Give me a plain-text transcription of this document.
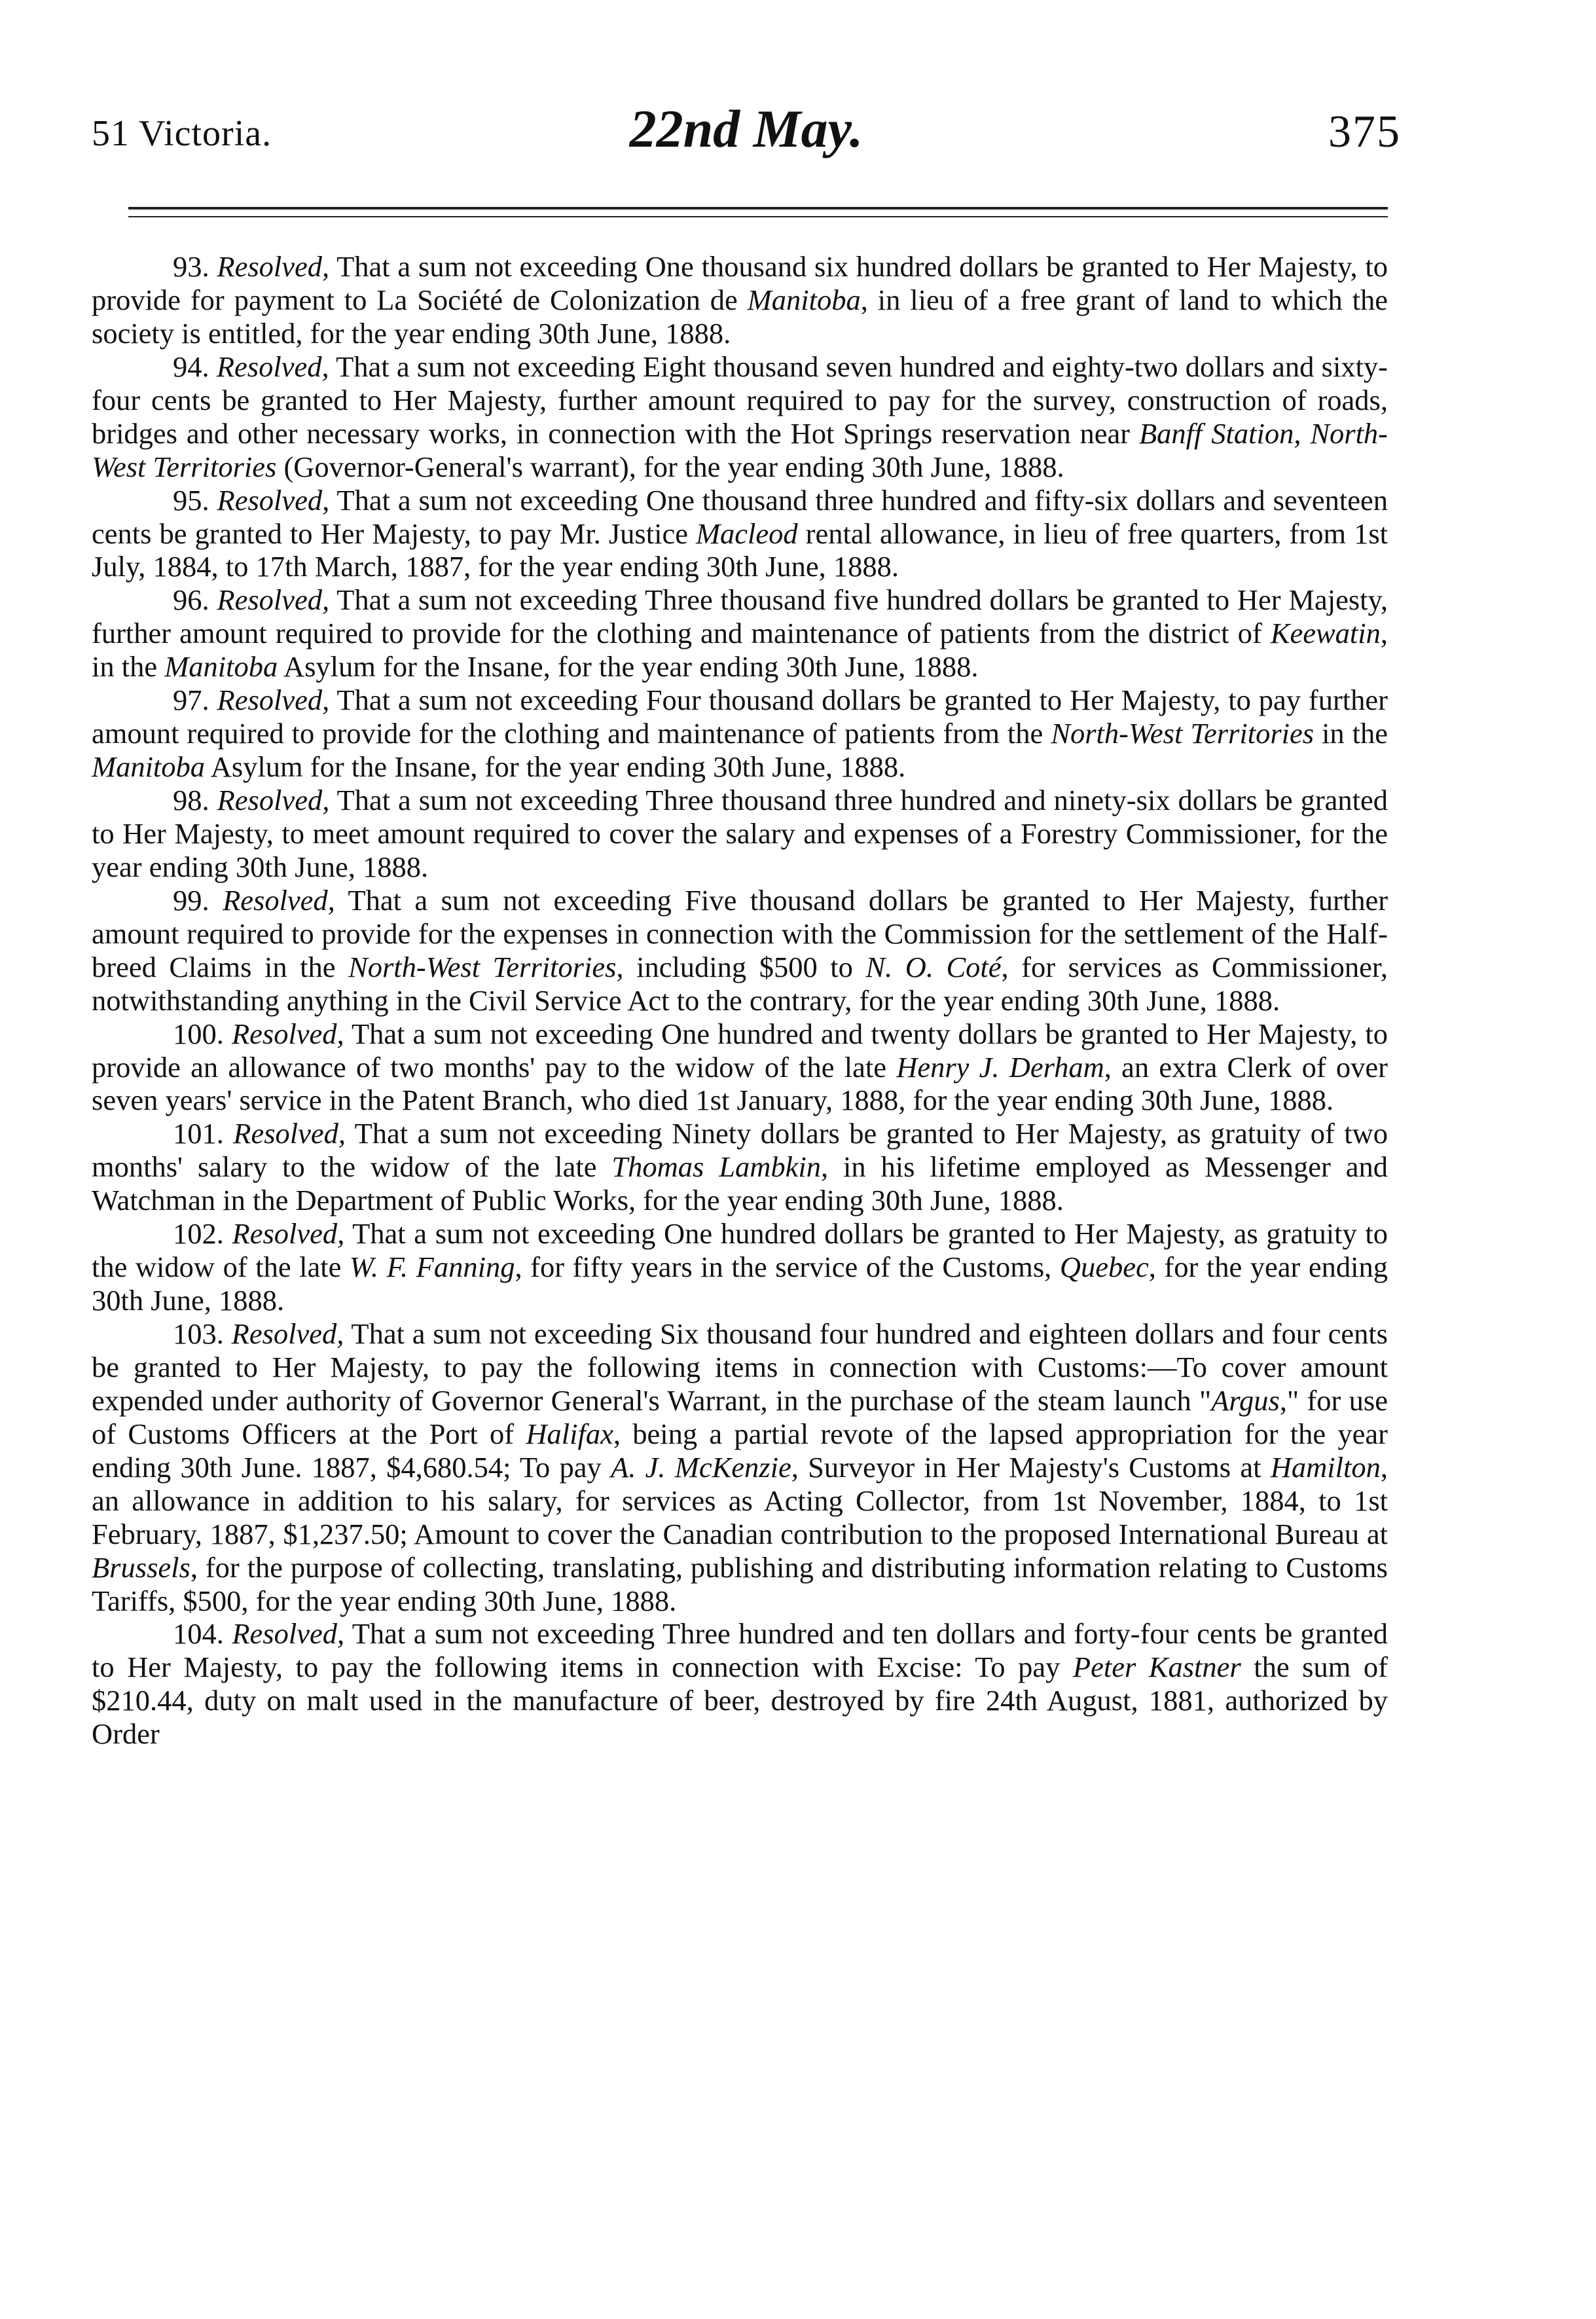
51 Victoria.	22nd May.	375

93. Resolved, That a sum not exceeding One thousand six hundred dollars be granted to Her Majesty, to provide for payment to La Société de Colonization de Manitoba, in lieu of a free grant of land to which the society is entitled, for the year ending 30th June, 1888.

94. Resolved, That a sum not exceeding Eight thousand seven hundred and eighty-two dollars and sixty-four cents be granted to Her Majesty, further amount required to pay for the survey, construction of roads, bridges and other necessary works, in connection with the Hot Springs reservation near Banff Station, North-West Territories (Governor-General's warrant), for the year ending 30th June, 1888.

95. Resolved, That a sum not exceeding One thousand three hundred and fifty-six dollars and seventeen cents be granted to Her Majesty, to pay Mr. Justice Macleod rental allowance, in lieu of free quarters, from 1st July, 1884, to 17th March, 1887, for the year ending 30th June, 1888.

96. Resolved, That a sum not exceeding Three thousand five hundred dollars be granted to Her Majesty, further amount required to provide for the clothing and maintenance of patients from the district of Keewatin, in the Manitoba Asylum for the Insane, for the year ending 30th June, 1888.

97. Resolved, That a sum not exceeding Four thousand dollars be granted to Her Majesty, to pay further amount required to provide for the clothing and maintenance of patients from the North-West Territories in the Manitoba Asylum for the Insane, for the year ending 30th June, 1888.

98. Resolved, That a sum not exceeding Three thousand three hundred and ninety-six dollars be granted to Her Majesty, to meet amount required to cover the salary and expenses of a Forestry Commissioner, for the year ending 30th June, 1888.

99. Resolved, That a sum not exceeding Five thousand dollars be granted to Her Majesty, further amount required to provide for the expenses in connection with the Commission for the settlement of the Half-breed Claims in the North-West Territories, including $500 to N. O. Coté, for services as Commissioner, notwithstanding anything in the Civil Service Act to the contrary, for the year ending 30th June, 1888.

100. Resolved, That a sum not exceeding One hundred and twenty dollars be granted to Her Majesty, to provide an allowance of two months' pay to the widow of the late Henry J. Derham, an extra Clerk of over seven years' service in the Patent Branch, who died 1st January, 1888, for the year ending 30th June, 1888.

101. Resolved, That a sum not exceeding Ninety dollars be granted to Her Majesty, as gratuity of two months' salary to the widow of the late Thomas Lambkin, in his lifetime employed as Messenger and Watchman in the Department of Public Works, for the year ending 30th June, 1888.

102. Resolved, That a sum not exceeding One hundred dollars be granted to Her Majesty, as gratuity to the widow of the late W. F. Fanning, for fifty years in the service of the Customs, Quebec, for the year ending 30th June, 1888.

103. Resolved, That a sum not exceeding Six thousand four hundred and eighteen dollars and four cents be granted to Her Majesty, to pay the following items in connection with Customs:—To cover amount expended under authority of Governor General's Warrant, in the purchase of the steam launch "Argus," for use of Customs Officers at the Port of Halifax, being a partial revote of the lapsed appropriation for the year ending 30th June. 1887, $4,680.54; To pay A. J. McKenzie, Surveyor in Her Majesty's Customs at Hamilton, an allowance in addition to his salary, for services as Acting Collector, from 1st November, 1884, to 1st February, 1887, $1,237.50; Amount to cover the Canadian contribution to the proposed International Bureau at Brussels, for the purpose of collecting, translating, publishing and distributing information relating to Customs Tariffs, $500, for the year ending 30th June, 1888.

104. Resolved, That a sum not exceeding Three hundred and ten dollars and forty-four cents be granted to Her Majesty, to pay the following items in connection with Excise: To pay Peter Kastner the sum of $210.44, duty on malt used in the manufacture of beer, destroyed by fire 24th August, 1881, authorized by Order
